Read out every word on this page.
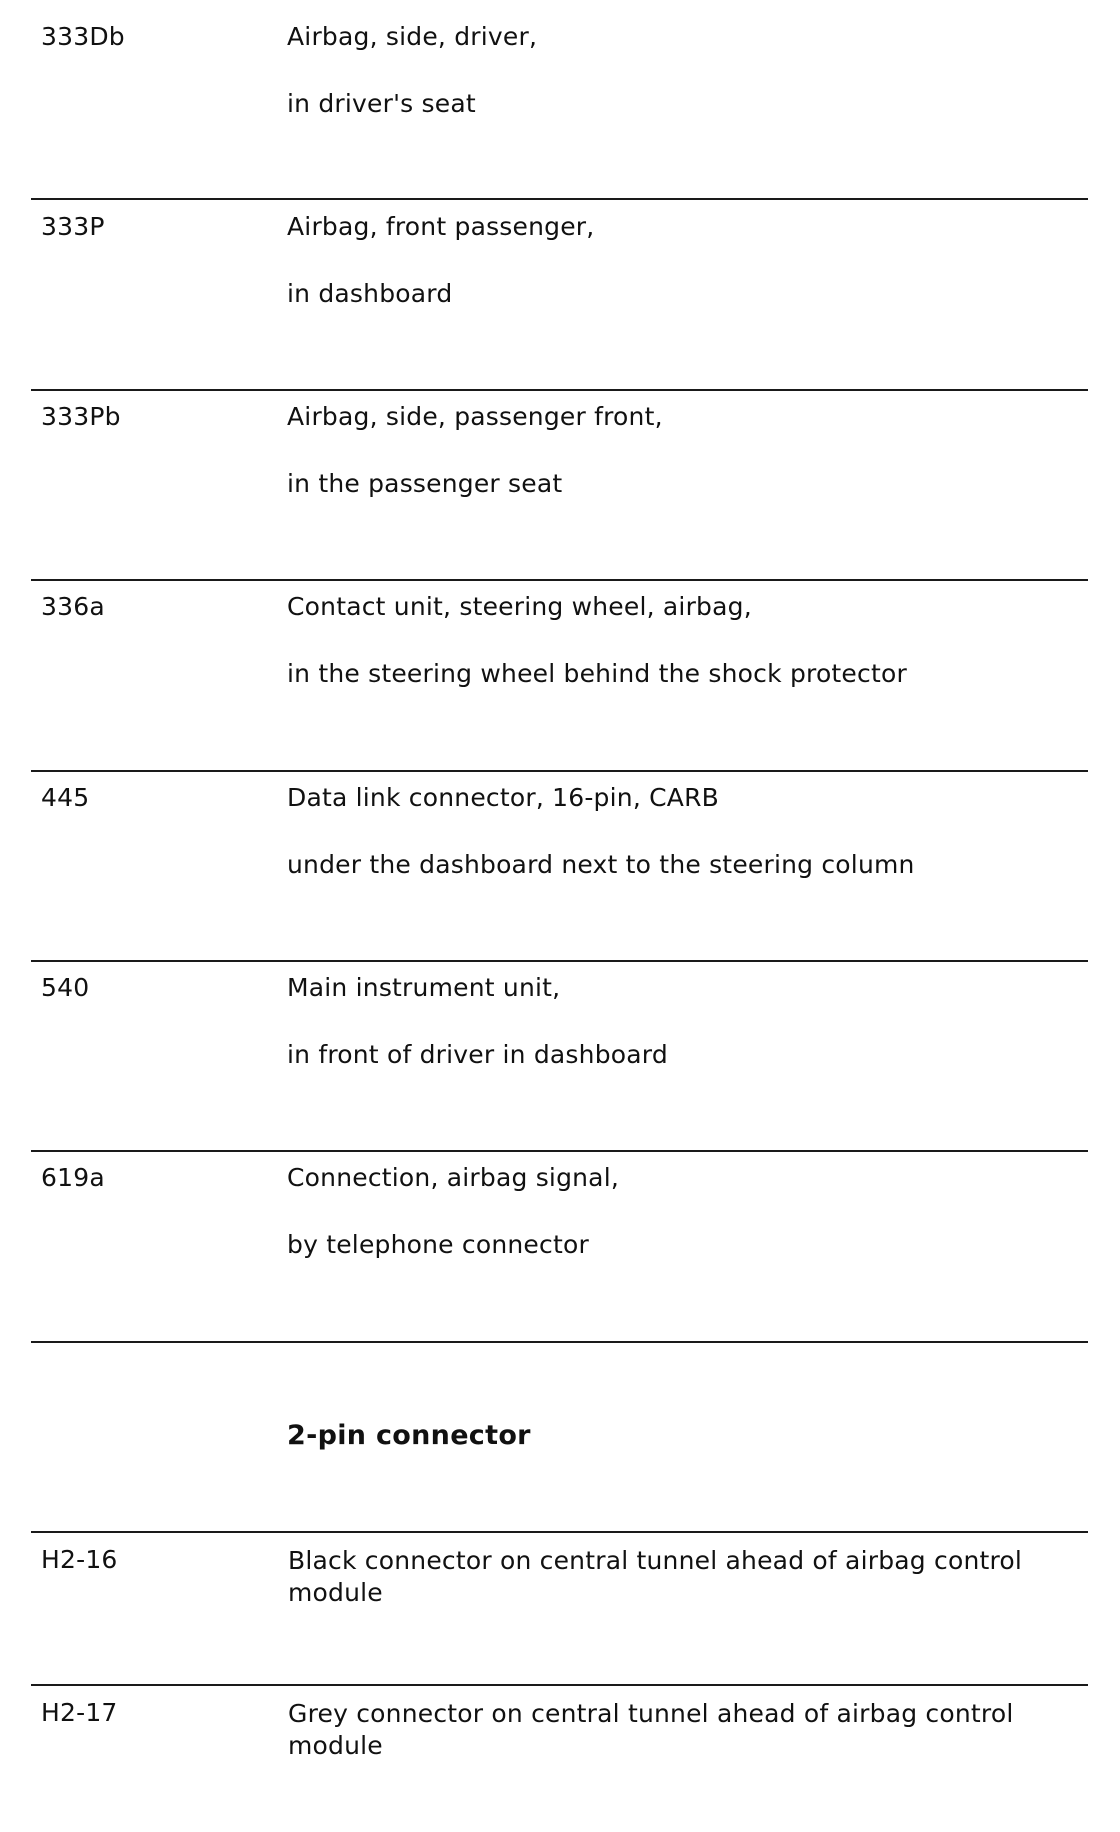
333Db	Airbag, side, driver,
in driver's seat
333P	Airbag, front passenger,
in dashboard
333Pb	Airbag, side, passenger front,
in the passenger seat
336a	Contact unit, steering wheel, airbag,
in the steering wheel behind the shock protector
445	Data link connector, 16-pin, CARB
under the dashboard next to the steering column
540	Main instrument unit,
in front of driver in dashboard
619a	Connection, airbag signal,
by telephone connector
2-pin connector
H2-16	Black connector on central tunnel ahead of airbag control module
H2-17	Grey connector on central tunnel ahead of airbag control module
